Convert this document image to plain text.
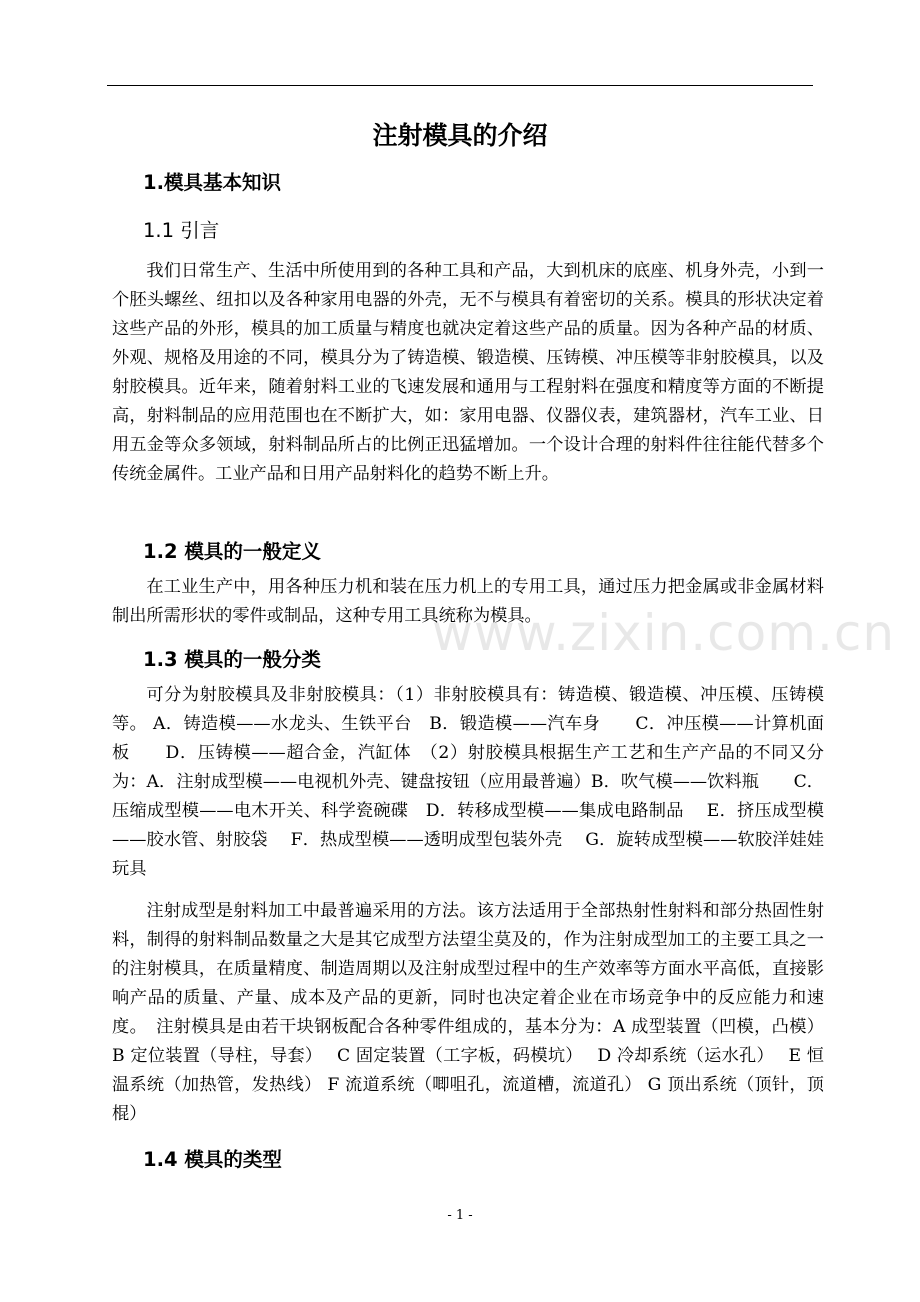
www.zixin.com.cn
注射模具的介绍
1.模具基本知识
1.1 引言

我们日常生产、生活中所使用到的各种工具和产品，大到机床的底座、机身外壳，小到一个胚头螺丝、纽扣以及各种家用电器的外壳，无不与模具有着密切的关系。模具的形状决定着这些产品的外形，模具的加工质量与精度也就决定着这些产品的质量。因为各种产品的材质、外观、规格及用途的不同，模具分为了铸造模、锻造模、压铸模、冲压模等非射胶模具，以及射胶模具。近年来，随着射料工业的飞速发展和通用与工程射料在强度和精度等方面的不断提高，射料制品的应用范围也在不断扩大，如：家用电器、仪器仪表，建筑器材，汽车工业、日用五金等众多领域，射料制品所占的比例正迅猛增加。一个设计合理的射料件往往能代替多个传统金属件。工业产品和日用产品射料化的趋势不断上升。

1.2 模具的一般定义

在工业生产中，用各种压力机和装在压力机上的专用工具，通过压力把金属或非金属材料制出所需形状的零件或制品，这种专用工具统称为模具。

1.3 模具的一般分类

可分为射胶模具及非射胶模具：（1）非射胶模具有：铸造模、锻造模、冲压模、压铸模等。 A．铸造模——水龙头、生铁平台　B．锻造模——汽车身　　C．冲压模——计算机面板　　D．压铸模——超合金，汽缸体　（2）射胶模具根据生产工艺和生产产品的不同又分为：A．注射成型模——电视机外壳、键盘按钮（应用最普遍）B．吹气模——饮料瓶　　C．压缩成型模——电木开关、科学瓷碗碟　D．转移成型模——集成电路制品　 E．挤压成型模——胶水管、射胶袋　 F．热成型模——透明成型包装外壳　 G．旋转成型模——软胶洋娃娃玩具

注射成型是射料加工中最普遍采用的方法。该方法适用于全部热射性射料和部分热固性射料，制得的射料制品数量之大是其它成型方法望尘莫及的，作为注射成型加工的主要工具之一的注射模具，在质量精度、制造周期以及注射成型过程中的生产效率等方面水平高低，直接影响产品的质量、产量、成本及产品的更新，同时也决定着企业在市场竞争中的反应能力和速度。　注射模具是由若干块钢板配合各种零件组成的，基本分为：A 成型装置（凹模，凸模） B 定位装置（导柱，导套）　 C 固定装置（工字板，码模坑）　 D 冷却系统（运水孔）　 E 恒温系统（加热管，发热线） F 流道系统（唧咀孔，流道槽，流道孔） G 顶出系统（顶针，顶棍）

1.4 模具的类型
- 1 -
